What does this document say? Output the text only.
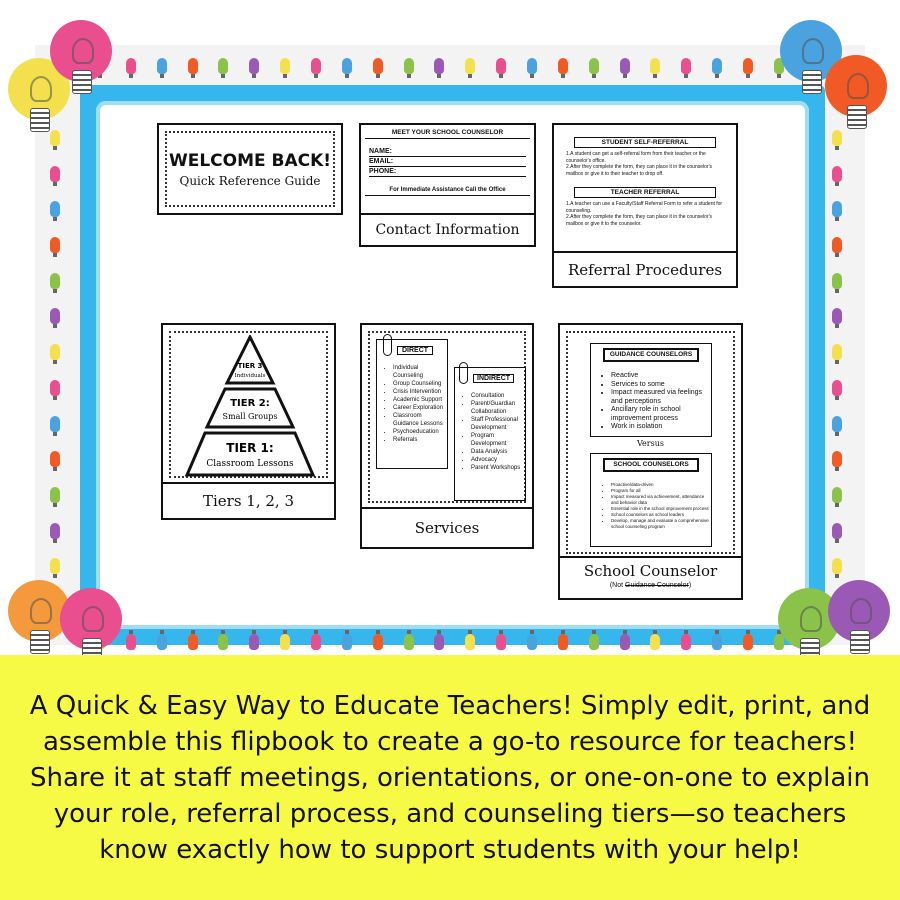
WELCOME BACK!
Quick Reference Guide
MEET YOUR SCHOOL COUNSELOR
NAME:
EMAIL:
PHONE:
For Immediate Assistance Call the Office
Contact Information
STUDENT SELF-REFERRAL
1.A student can get a self-referral form from their teacher or the counselor's office.
2.After they complete the form, they can place it in the counselor's mailbox or give it to their teacher to drop off.
TEACHER REFERRAL
1.A teacher can use a Faculty/Staff Referral Form to refer a student for counseling.
2.After they complete the form, they can place it in the counselor's mailbox or give it to the counselor.
Referral Procedures
TIER 3
Individuals
TIER 2:
Small Groups
TIER 1:
Classroom Lessons
Tiers 1, 2, 3
DIRECT
• Individual Counseling
• Group Counseling
• Crisis Intervention
• Academic Support
• Career Exploration
• Classroom Guidance Lessons
• Psychoeducation
• Referrals
INDIRECT
• Consultation
• Parent/Guardian Collaboration
• Staff Professional Development
• Program Development
• Data Analysis
• Advocacy
• Parent Workshops
Services
GUIDANCE COUNSELORS
• Reactive
• Services to some
• Impact measured via feelings and perceptions
• Ancillary role in school improvement process
• Work in isolation
Versus
SCHOOL COUNSELORS
• Proactive/data-driven
• Program for all
• Impact measured via achievement, attendance and behavior data
• Essential role in the school improvement process
• School counselors as school leaders
• Develop, manage and evaluate a comprehensive school counseling program
School Counselor
(Not Guidance Counselor)

A Quick & Easy Way to Educate Teachers! Simply edit, print, and assemble this flipbook to create a go-to resource for teachers! Share it at staff meetings, orientations, or one-on-one to explain your role, referral process, and counseling tiers—so teachers know exactly how to support students with your help!
